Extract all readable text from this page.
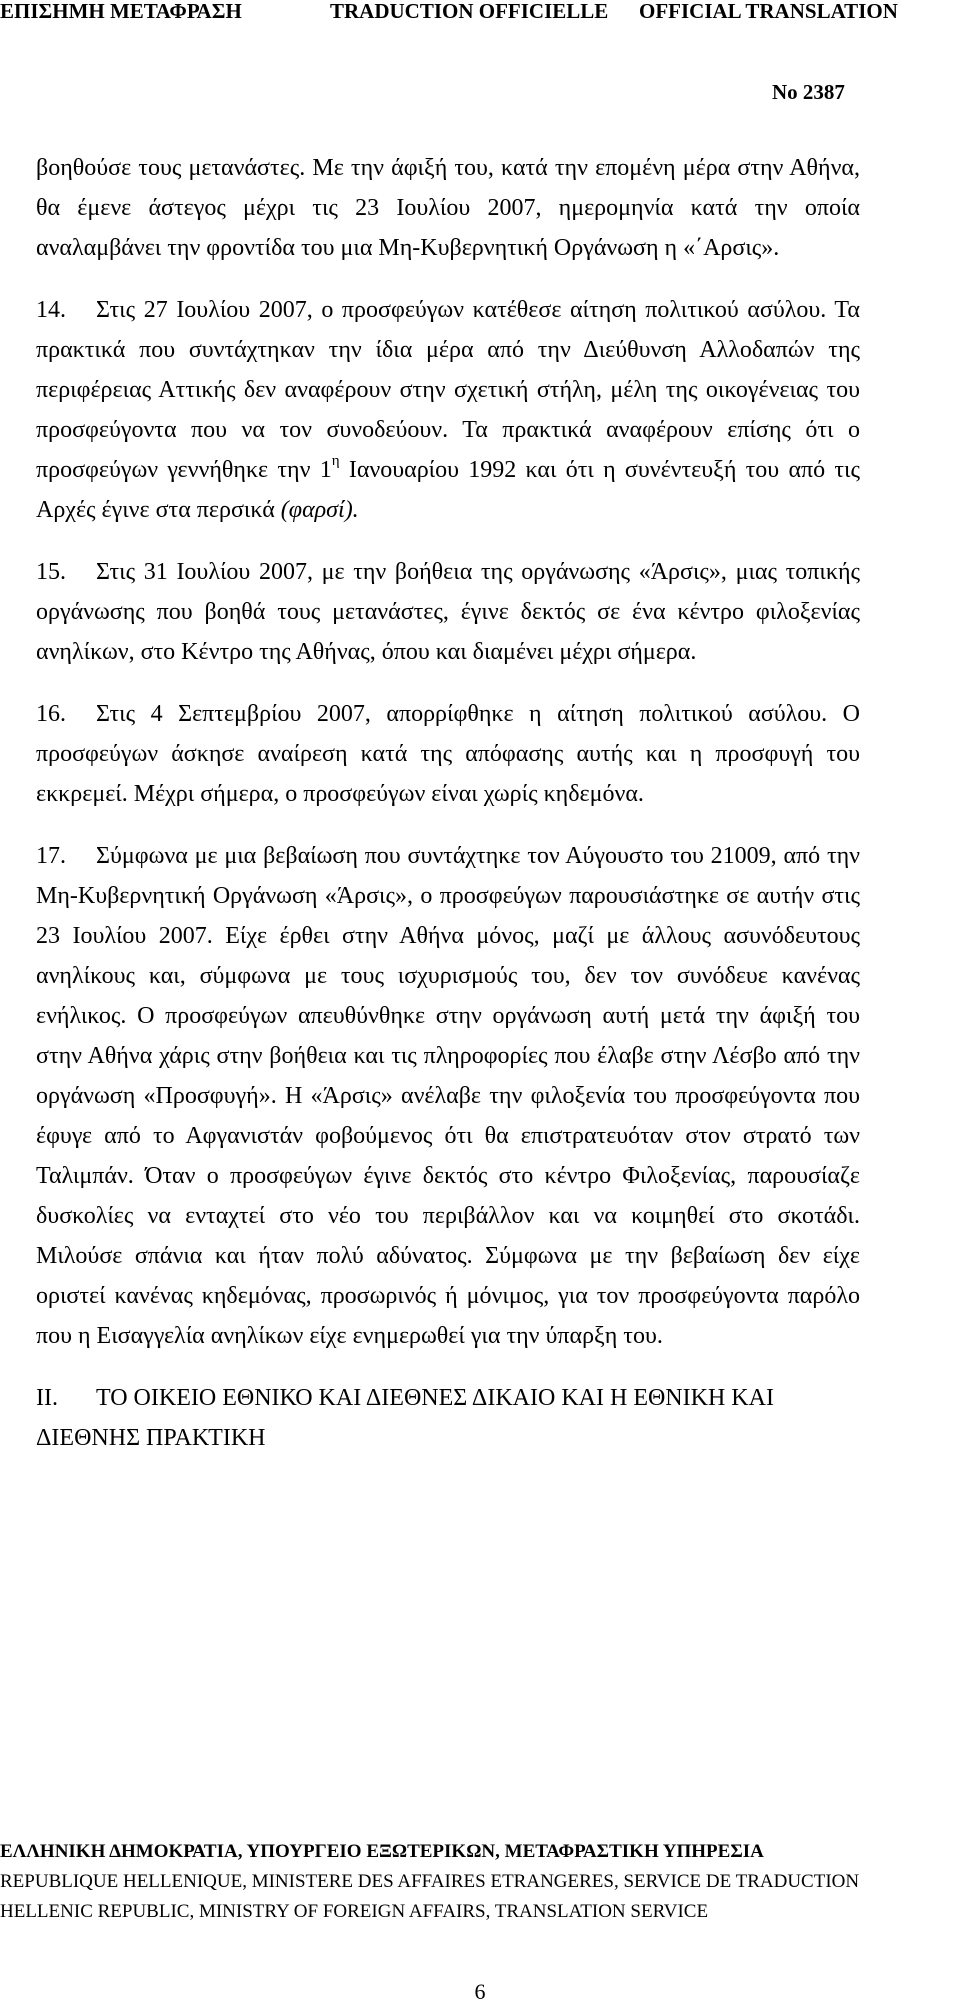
ΕΠΙΣΗΜΗ ΜΕΤΑΦΡΑΣΗ	TRADUCTION OFFICIELLE OFFICIAL TRANSLATION
No 2387

βοηθούσε τους μετανάστες. Με την άφιξή του, κατά την επομένη μέρα στην Αθήνα, θα έμενε άστεγος μέχρι τις 23 Ιουλίου 2007, ημερομηνία κατά την οποία αναλαμβάνει την φροντίδα του μια Μη-Κυβερνητική Οργάνωση η «΄Αρσις».

14. Στις 27 Ιουλίου 2007, ο προσφεύγων κατέθεσε αίτηση πολιτικού ασύλου. Τα πρακτικά που συντάχτηκαν την ίδια μέρα από την Διεύθυνση Αλλοδαπών της περιφέρειας Αττικής δεν αναφέρουν στην σχετική στήλη, μέλη της οικογένειας του προσφεύγοντα που να τον συνοδεύουν. Τα πρακτικά αναφέρουν επίσης ότι ο προσφεύγων γεννήθηκε την $1^\eta$ Ιανουαρίου 1992 και ότι η συνέντευξή του από τις Αρχές έγινε στα περσικά (φαρσί).

15. Στις 31 Ιουλίου 2007, με την βοήθεια της οργάνωσης «Άρσις», μιας τοπικής οργάνωσης που βοηθά τους μετανάστες, έγινε δεκτός σε ένα κέντρο φιλοξενίας ανηλίκων, στο Κέντρο της Αθήνας, όπου και διαμένει μέχρι σήμερα.

16. Στις 4 Σεπτεμβρίου 2007, απορρίφθηκε η αίτηση πολιτικού ασύλου. Ο προσφεύγων άσκησε αναίρεση κατά της απόφασης αυτής και η προσφυγή του εκκρεμεί. Μέχρι σήμερα, ο προσφεύγων είναι χωρίς κηδεμόνα.

17. Σύμφωνα με μια βεβαίωση που συντάχτηκε τον Αύγουστο του 21009, από την Μη-Κυβερνητική Οργάνωση «Άρσις», ο προσφεύγων παρουσιάστηκε σε αυτήν στις 23 Ιουλίου 2007. Είχε έρθει στην Αθήνα μόνος, μαζί με άλλους ασυνόδευτους ανηλίκους και, σύμφωνα με τους ισχυρισμούς του, δεν τον συνόδευε κανένας ενήλικος. Ο προσφεύγων απευθύνθηκε στην οργάνωση αυτή μετά την άφιξή του στην Αθήνα χάρις στην βοήθεια και τις πληροφορίες που έλαβε στην Λέσβο από την οργάνωση «Προσφυγή». Η «Άρσις» ανέλαβε την φιλοξενία του προσφεύγοντα που έφυγε από το Αφγανιστάν φοβούμενος ότι θα επιστρατευόταν στον στρατό των Ταλιμπάν. Όταν ο προσφεύγων έγινε δεκτός στο κέντρο Φιλοξενίας, παρουσίαζε δυσκολίες να ενταχτεί στο νέο του περιβάλλον και να κοιμηθεί στο σκοτάδι. Μιλούσε σπάνια και ήταν πολύ αδύνατος. Σύμφωνα με την βεβαίωση δεν είχε οριστεί κανένας κηδεμόνας, προσωρινός ή μόνιμος, για τον προσφεύγοντα παρόλο που η Εισαγγελία ανηλίκων είχε ενημερωθεί για την ύπαρξη του.

II. ΤΟ ΟΙΚΕΙΟ ΕΘΝΙΚΟ ΚΑΙ ΔΙΕΘΝΕΣ ΔΙΚΑΙΟ ΚΑΙ Η ΕΘΝΙΚΗ ΚΑΙ ΔΙΕΘΝΗΣ ΠΡΑΚΤΙΚΗ

ΕΛΛΗΝΙΚΗ ΔΗΜΟΚΡΑΤΙΑ, ΥΠΟΥΡΓΕΙΟ ΕΞΩΤΕΡΙΚΩΝ, ΜΕΤΑΦΡΑΣΤΙΚΗ ΥΠΗΡΕΣΙΑ
REPUBLIQUE HELLENIQUE, MINISTERE DES AFFAIRES ETRANGERES, SERVICE DE TRADUCTION
HELLENIC REPUBLIC, MINISTRY OF FOREIGN AFFAIRS, TRANSLATION SERVICE
6
